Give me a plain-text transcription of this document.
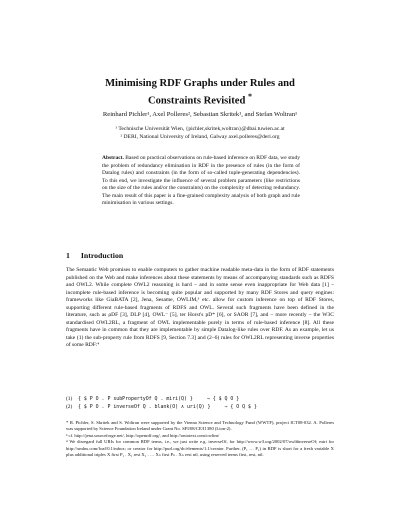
Minimising RDF Graphs under Rules and
Constraints Revisited *
Reinhard Pichler¹, Axel Polleres², Sebastian Skritek¹, and Stefan Woltran¹
¹ Technische Universität Wien, {pichler,skritek,woltran}@dbai.tuwien.ac.at
² DERI, National University of Ireland, Galway axel.polleres@deri.org
Abstract. Based on practical observations on rule-based inference on RDF data, we study the problem of redundancy elimination in RDF in the presence of rules (in the form of Datalog rules) and constraints (in the form of so-called tuple-generating dependencies). To this end, we investigate the influence of several problem parameters (like restrictions on the size of the rules and/or the constraints) on the complexity of detecting redundancy. The main result of this paper is a fine-grained complexity analysis of both graph and rule minimisation in various settings.
1 Introduction

The Semantic Web promises to enable computers to gather machine readable meta-data in the form of RDF statements published on the Web and make inferences about these statements by means of accompanying standards such as RDFS and OWL2. While complete OWL2 reasoning is hard – and in some sense even inappropriate for Web data [1] – incomplete rule-based inference is becoming quite popular and supported by many RDF Stores and query engines: frameworks like GiaBATA [2], Jena, Sesame, OWLIM,³ etc. allow for custom inference on top of RDF Stores, supporting different rule-based fragments of RDFS and OWL. Several such fragments have been defined in the literature, such as ρDF [3], DLP [4], OWL⁻ [5], ter Horst's pD* [6], or SAOR [7], and – more recently – the W3C standardised OWL2RL, a fragment of OWL implementable purely in terms of rule-based inference [8]. All these fragments have in common that they are implementable by simple Datalog-like rules over RDF. As an example, let us take (1) the sub-property rule from RDFS [9, Section 7.3] and (2–6) rules for OWL2RL representing inverse properties of some RDF:⁴

(1)	{ $ P O . P subPropertyOf Q . miri(Q) }	⇒ { $ Q O }
(2)	{ $ P O . P inverseOf Q . blank(O) ∧ uri(Q) }	⇒ { O Q $ }

* R. Pichler, S. Skritek and S. Woltran were supported by the Vienna Science and Technology Fund (WWTF), project ICT08-032. A. Polleres was supported by Science Foundation Ireland under Grant No. SFI/08/CE/I1380 (Lion-2).

³ cf. http://jena.sourceforge.net/, http://openrdf.org/, and http://ontotext.com/owlim/

⁴ We disregard full URIs for common RDF terms, i.e., we just write e.g. inverseOf, for http://www.w3.org/2002/07/owl#inverseOf; miri for http://xmlns.com/foaf/0.1/mbox; or creator for http://purl.org/dc/elements/1.1/creator. Further, (P₁ … P₁) in RDF is short for a fresh variable X plus additional triples X first P₁ . X₁ rest X₁ . … Xₙ first Pₙ . Xₙ rest nil, using reserved terms first, rest, nil.
